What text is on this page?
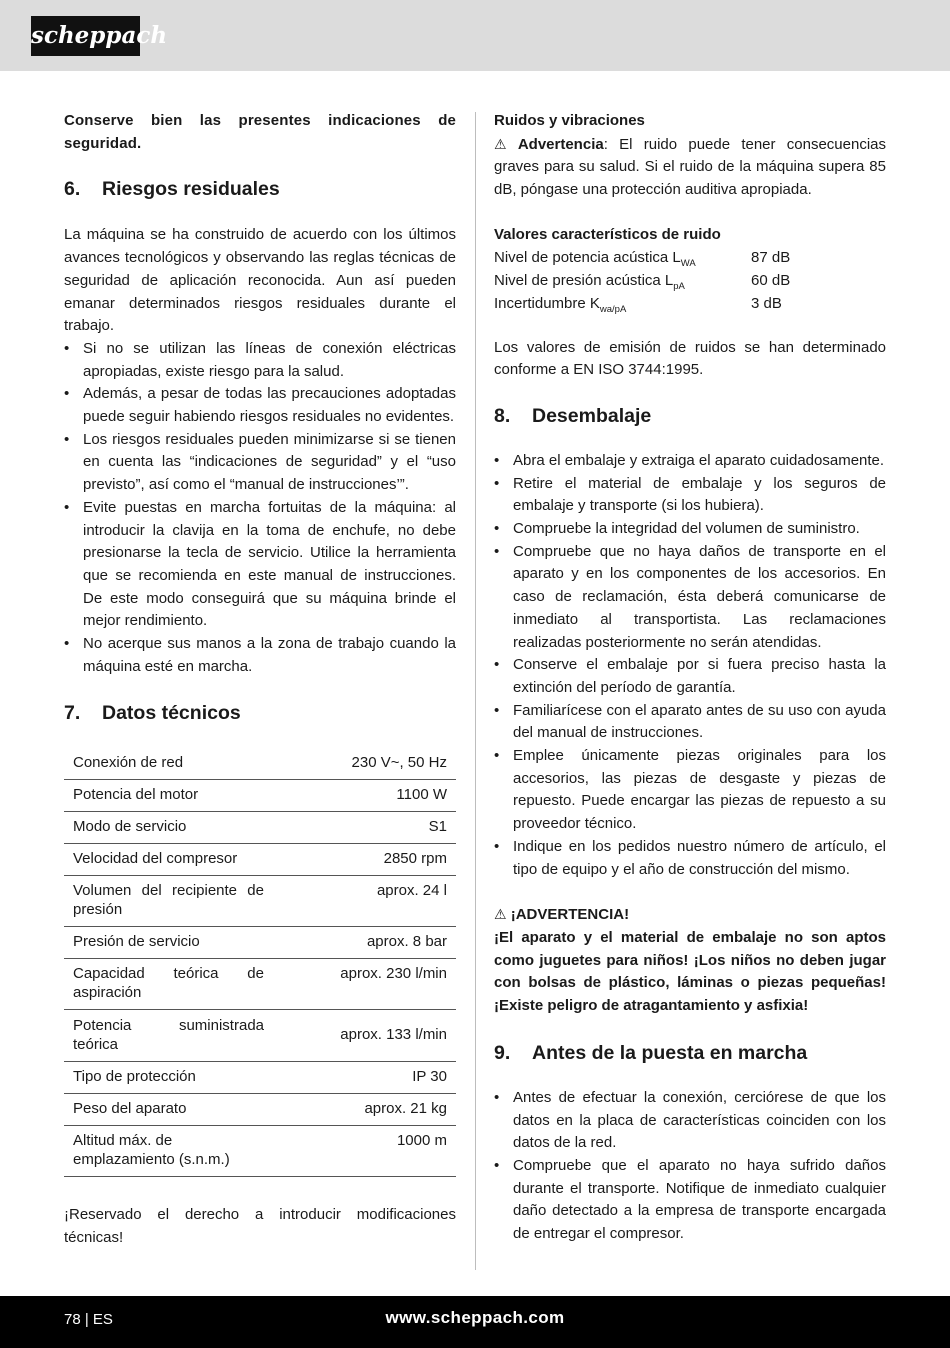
scheppach

Conserve bien las presentes indicaciones de seguridad.

6. Riesgos residuales

La máquina se ha construido de acuerdo con los últimos avances tecnológicos y observando las reglas técnicas de seguridad de aplicación reconocida. Aun así pueden emanar determinados riesgos residuales durante el trabajo.

• Si no se utilizan las líneas de conexión eléctricas apropiadas, existe riesgo para la salud.
• Además, a pesar de todas las precauciones adoptadas puede seguir habiendo riesgos residuales no evidentes.
• Los riesgos residuales pueden minimizarse si se tienen en cuenta las “indicaciones de seguridad” y el “uso previsto”, así como el “manual de instrucciones’”.
• Evite puestas en marcha fortuitas de la máquina: al introducir la clavija en la toma de enchufe, no debe presionarse la tecla de servicio. Utilice la herramienta que se recomienda en este manual de instrucciones. De este modo conseguirá que su máquina brinde el mejor rendimiento.
• No acerque sus manos a la zona de trabajo cuando la máquina esté en marcha.
7. Datos técnicos
Conexión de red	230 V~, 50 Hz
Potencia del motor	1100 W
Modo de servicio	S1
Velocidad del compresor	2850 rpm
Volumen del recipiente de presión	aprox. 24 l
Presión de servicio	aprox. 8 bar
Capacidad teórica de aspiración	aprox. 230 l/min
Potencia suministrada teórica	aprox. 133 l/min
Tipo de protección	IP 30
Peso del aparato	aprox. 21 kg
Altitud máx. de emplazamiento (s.n.m.)	1000 m

¡Reservado el derecho a introducir modificaciones técnicas!

Ruidos y vibraciones

⚠ Advertencia: El ruido puede tener consecuencias graves para su salud. Si el ruido de la máquina supera 85 dB, póngase una protección auditiva apropiada.

Valores característicos de ruido

Nivel de potencia acústica $L_{WA}$	87 dB
Nivel de presión acústica $L_{pA}$	60 dB
Incertidumbre $K_{wa/pA}$	3 dB

Los valores de emisión de ruidos se han determinado conforme a EN ISO 3744:1995.

8. Desembalaje
• Abra el embalaje y extraiga el aparato cuidadosamente.
• Retire el material de embalaje y los seguros de embalaje y transporte (si los hubiera).
• Compruebe la integridad del volumen de suministro.
• Compruebe que no haya daños de transporte en el aparato y en los componentes de los accesorios. En caso de reclamación, ésta deberá comunicarse de inmediato al transportista. Las reclamaciones realizadas posteriormente no serán atendidas.
• Conserve el embalaje por si fuera preciso hasta la extinción del período de garantía.
• Familiarícese con el aparato antes de su uso con ayuda del manual de instrucciones.
• Emplee únicamente piezas originales para los accesorios, las piezas de desgaste y piezas de repuesto. Puede encargar las piezas de repuesto a su proveedor técnico.
• Indique en los pedidos nuestro número de artículo, el tipo de equipo y el año de construcción del mismo.

⚠ ¡ADVERTENCIA!

¡El aparato y el material de embalaje no son aptos como juguetes para niños! ¡Los niños no deben jugar con bolsas de plástico, láminas o piezas pequeñas! ¡Existe peligro de atragantamiento y asfixia!

9. Antes de la puesta en marcha
• Antes de efectuar la conexión, cerciórese de que los datos en la placa de características coinciden con los datos de la red.
• Compruebe que el aparato no haya sufrido daños durante el transporte. Notifique de inmediato cualquier daño detectado a la empresa de transporte encargada de entregar el compresor.
78 | ES	www.scheppach.com
